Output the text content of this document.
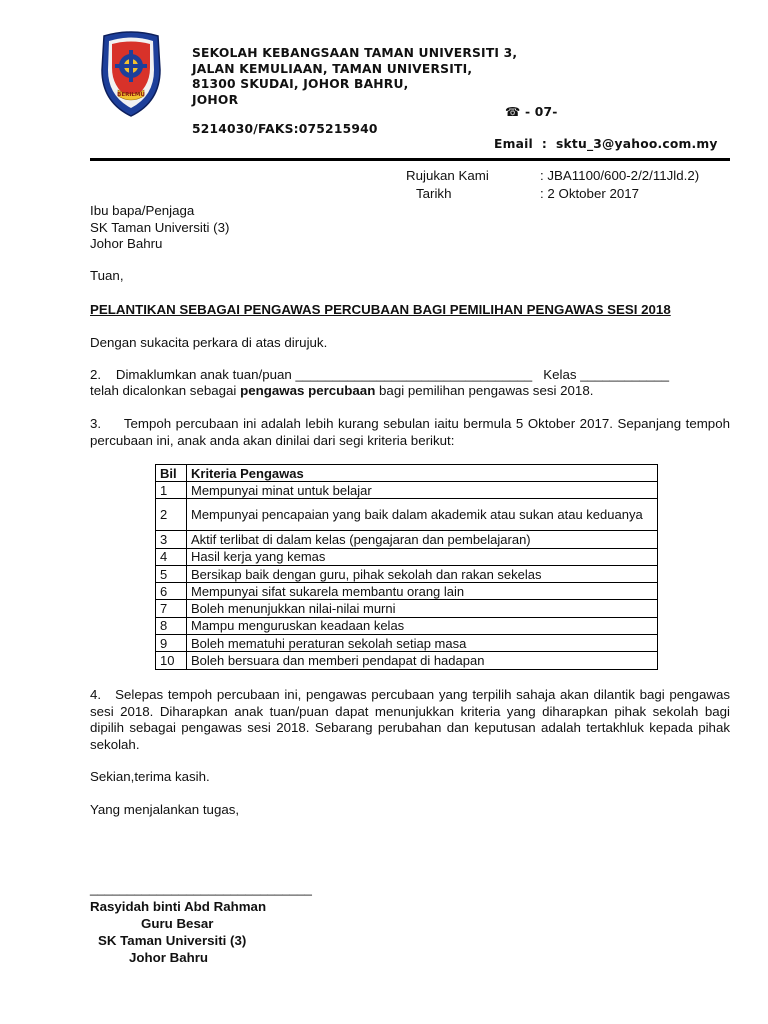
BERILMU
SEKOLAH KEBANGSAAN TAMAN UNIVERSITI 3,
JALAN KEMULIAAN, TAMAN UNIVERSITI,
81300 SKUDAI, JOHOR BAHRU,
JOHOR
☎ - 07-
5214030/FAKS:075215940
Email : sktu_3@yahoo.com.my
Rujukan Kami	: JBA1100/600-2/2/11Jld.2)
Tarikh	: 2 Oktober 2017
Ibu bapa/Penjaga
SK Taman Universiti (3)
Johor Bahru
Tuan,
PELANTIKAN SEBAGAI PENGAWAS PERCUBAAN BAGI PEMILIHAN PENGAWAS SESI 2018
Dengan sukacita perkara di atas dirujuk.
2. Dimaklumkan anak tuan/puan ________________________________ Kelas ____________
telah dicalonkan sebagai pengawas percubaan bagi pemilihan pengawas sesi 2018.
3. Tempoh percubaan ini adalah lebih kurang sebulan iaitu bermula 5 Oktober 2017. Sepanjang tempoh percubaan ini, anak anda akan dinilai dari segi kriteria berikut:
Bil	Kriteria Pengawas
1	Mempunyai minat untuk belajar
2	Mempunyai pencapaian yang baik dalam akademik atau sukan atau keduanya
3	Aktif terlibat di dalam kelas (pengajaran dan pembelajaran)
4	Hasil kerja yang kemas
5	Bersikap baik dengan guru, pihak sekolah dan rakan sekelas
6	Mempunyai sifat sukarela membantu orang lain
7	Boleh menunjukkan nilai-nilai murni
8	Mampu menguruskan keadaan kelas
9	Boleh mematuhi peraturan sekolah setiap masa
10	Boleh bersuara dan memberi pendapat di hadapan
4. Selepas tempoh percubaan ini, pengawas percubaan yang terpilih sahaja akan dilantik bagi pengawas sesi 2018. Diharapkan anak tuan/puan dapat menunjukkan kriteria yang diharapkan pihak sekolah bagi dipilih sebagai pengawas sesi 2018. Sebarang perubahan dan keputusan adalah tertakhluk kepada pihak sekolah.
Sekian,terima kasih.
Yang menjalankan tugas,
______________________________
Rasyidah binti Abd Rahman
Guru Besar
SK Taman Universiti (3)
Johor Bahru
